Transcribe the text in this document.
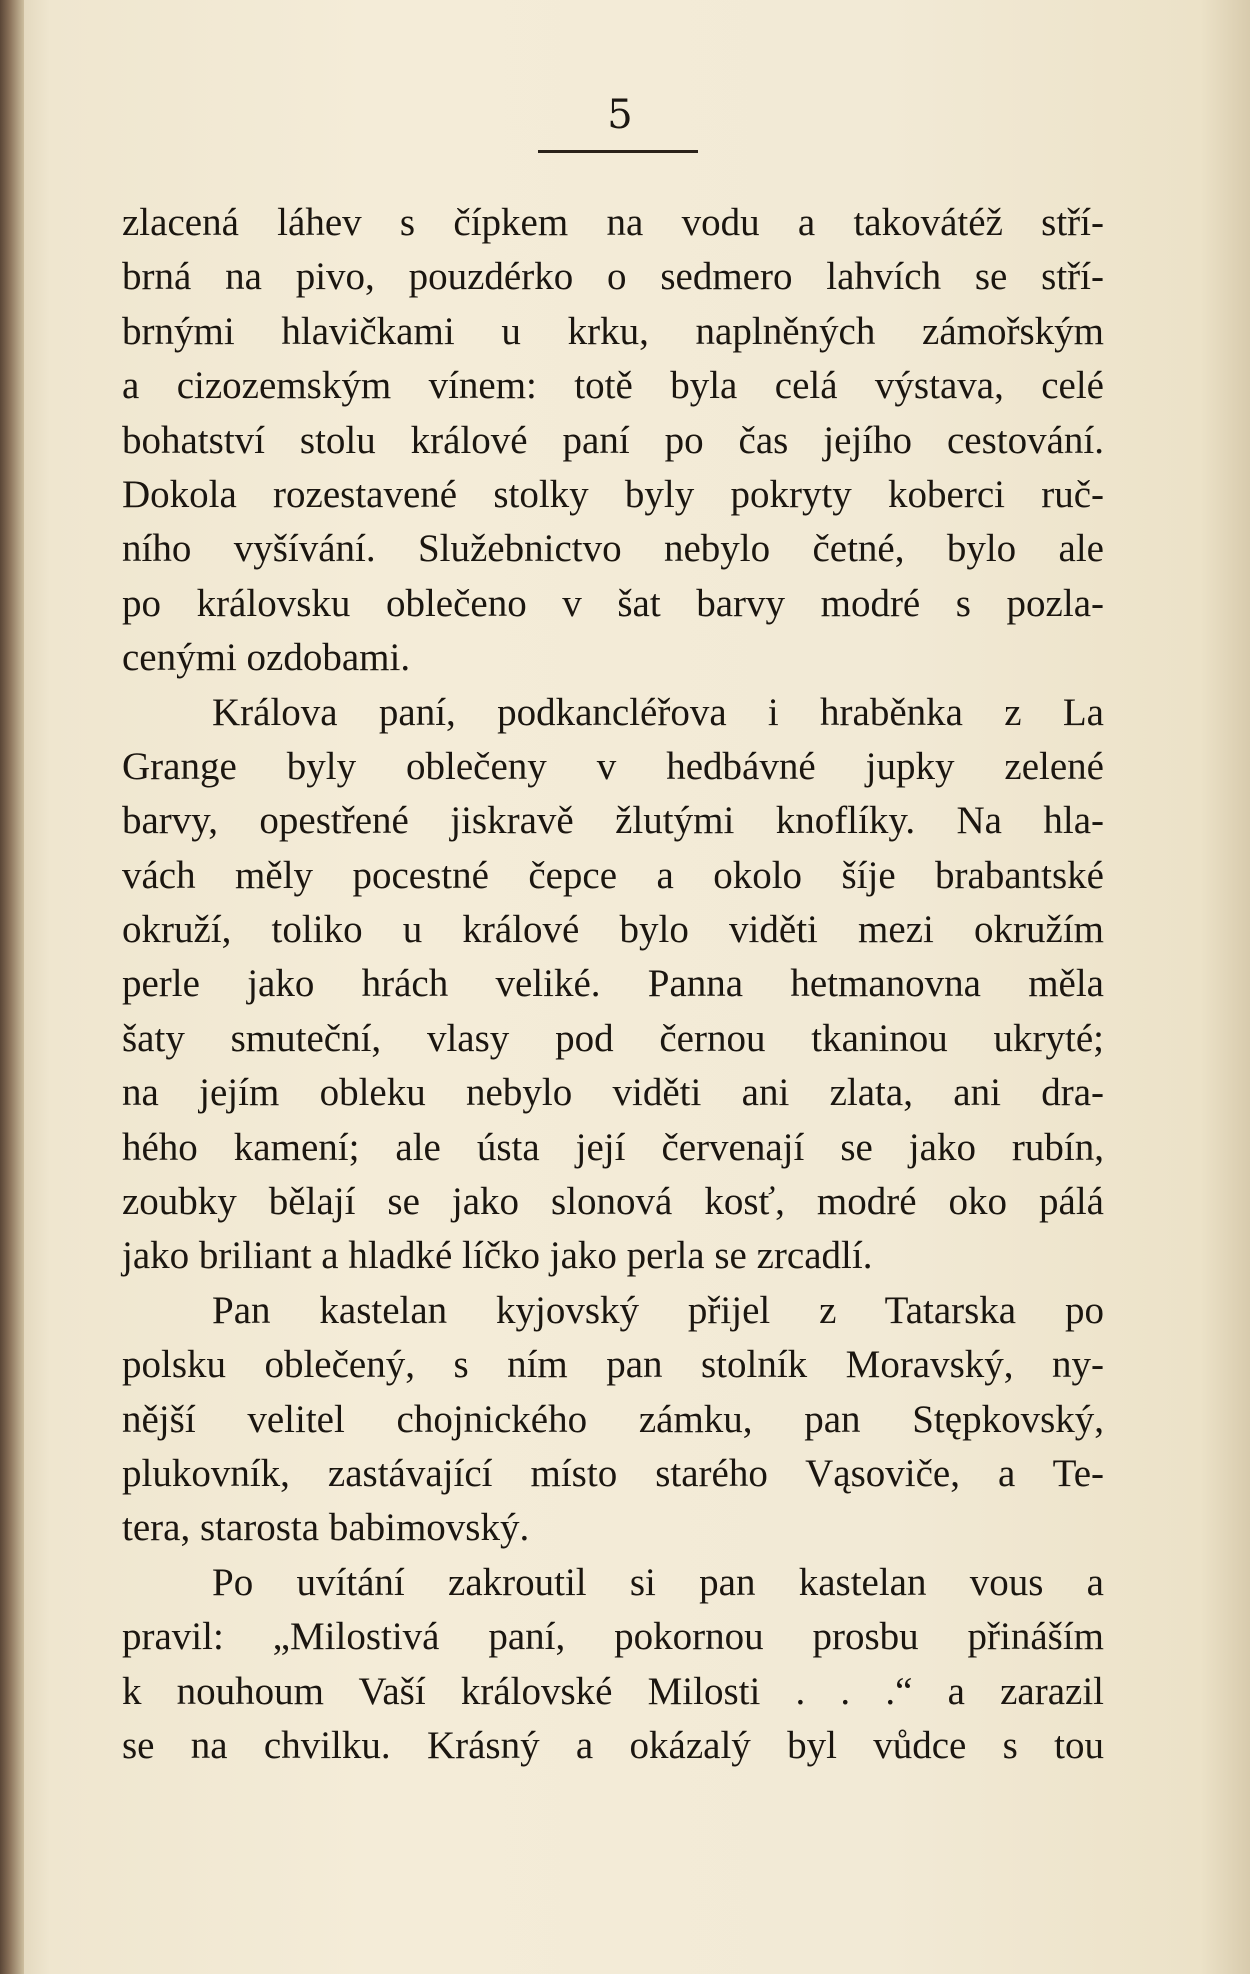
5
zlacená láhev s čípkem na vodu a takovátéž stří-
brná na pivo, pouzdérko o sedmero lahvích se stří-
brnými hlavičkami u krku, naplněných zámořským
a cizozemským vínem: totě byla celá výstava, celé
bohatství stolu králové paní po čas jejího cestování.
Dokola rozestavené stolky byly pokryty koberci ruč-
ního vyšívání. Služebnictvo nebylo četné, bylo ale
po královsku oblečeno v šat barvy modré s pozla-
cenými ozdobami.
Králova paní, podkancléřova i hraběnka z La
Grange byly oblečeny v hedbávné jupky zelené
barvy, opestřené jiskravě žlutými knoflíky. Na hla-
vách měly pocestné čepce a okolo šíje brabantské
okruží, toliko u králové bylo viděti mezi okružím
perle jako hrách veliké. Panna hetmanovna měla
šaty smuteční, vlasy pod černou tkaninou ukryté;
na jejím obleku nebylo viděti ani zlata, ani dra-
hého kamení; ale ústa její červenají se jako rubín,
zoubky bělají se jako slonová kosť, modré oko pálá
jako briliant a hladké líčko jako perla se zrcadlí.
Pan kastelan kyjovský přijel z Tatarska po
polsku oblečený, s ním pan stolník Moravský, ny-
nější velitel chojnického zámku, pan Stępkovský,
plukovník, zastávající místo starého Vąsoviče, a Te-
tera, starosta babimovský.
Po uvítání zakroutil si pan kastelan vous a
pravil: „Milostivá paní, pokornou prosbu přináším
k nouhoum Vaší královské Milosti . . .“ a zarazil
se na chvilku. Krásný a okázalý byl vůdce s tou
